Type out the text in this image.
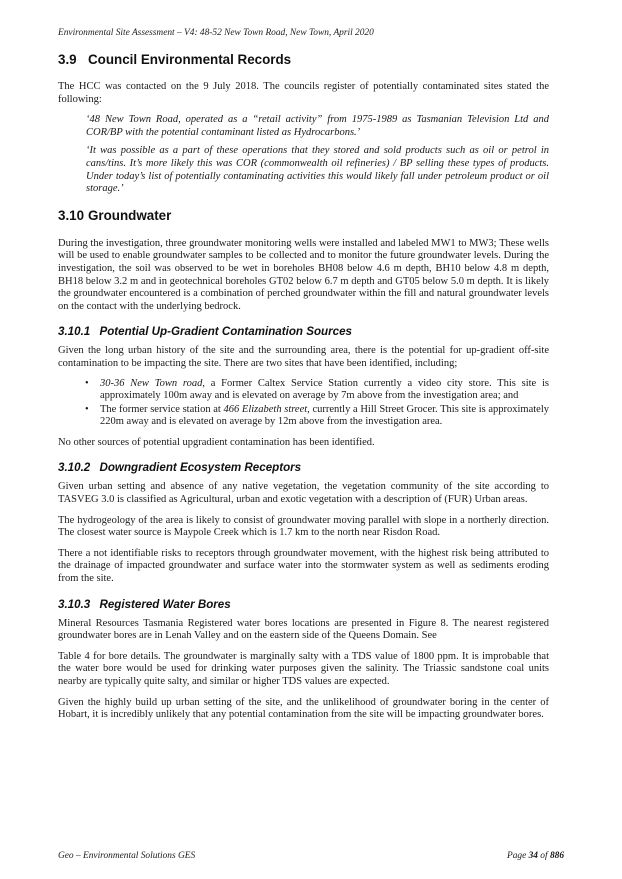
Environmental Site Assessment – V4: 48-52 New Town Road, New Town, April 2020
3.9 Council Environmental Records

The HCC was contacted on the 9 July 2018. The councils register of potentially contaminated sites stated the following:

‘48 New Town Road, operated as a “retail activity” from 1975-1989 as Tasmanian Television Ltd and COR/BP with the potential contaminant listed as Hydrocarbons.’

‘It was possible as a part of these operations that they stored and sold products such as oil or petrol in cans/tins. It’s more likely this was COR (commonwealth oil refineries) / BP selling these types of products. Under today’s list of potentially contaminating activities this would likely fall under petroleum product or oil storage.’

3.10 Groundwater

During the investigation, three groundwater monitoring wells were installed and labeled MW1 to MW3; These wells will be used to enable groundwater samples to be collected and to monitor the future groundwater levels. During the investigation, the soil was observed to be wet in boreholes BH08 below 4.6 m depth, BH10 below 4.8 m depth, BH18 below 3.2 m and in geotechnical boreholes GT02 below 6.7 m depth and GT05 below 5.0 m depth. It is likely the groundwater encountered is a combination of perched groundwater within the fill and natural groundwater levels on the contact with the underlying bedrock.

3.10.1 Potential Up-Gradient Contamination Sources

Given the long urban history of the site and the surrounding area, there is the potential for up-gradient off-site contamination to be impacting the site. There are two sites that have been identified, including;

• 30-36 New Town road, a Former Caltex Service Station currently a video city store. This site is approximately 100m away and is elevated on average by 7m above from the investigation area; and
• The former service station at 466 Elizabeth street, currently a Hill Street Grocer. This site is approximately 220m away and is elevated on average by 12m above from the investigation area.

No other sources of potential upgradient contamination has been identified.

3.10.2 Downgradient Ecosystem Receptors

Given urban setting and absence of any native vegetation, the vegetation community of the site according to TASVEG 3.0 is classified as Agricultural, urban and exotic vegetation with a description of (FUR) Urban areas.

The hydrogeology of the area is likely to consist of groundwater moving parallel with slope in a northerly direction. The closest water source is Maypole Creek which is 1.7 km to the north near Risdon Road.

There a not identifiable risks to receptors through groundwater movement, with the highest risk being attributed to the drainage of impacted groundwater and surface water into the stormwater system as well as sediments eroding from the site.

3.10.3 Registered Water Bores

Mineral Resources Tasmania Registered water bores locations are presented in Figure 8. The nearest registered groundwater bores are in Lenah Valley and on the eastern side of the Queens Domain. See

Table 4 for bore details. The groundwater is marginally salty with a TDS value of 1800 ppm. It is improbable that the water bore would be used for drinking water purposes given the salinity. The Triassic sandstone coal units nearby are typically quite salty, and similar or higher TDS values are expected.

Given the highly build up urban setting of the site, and the unlikelihood of groundwater boring in the center of Hobart, it is incredibly unlikely that any potential contamination from the site will be impacting groundwater bores.

Geo – Environmental Solutions GES	Page 34 of 886
